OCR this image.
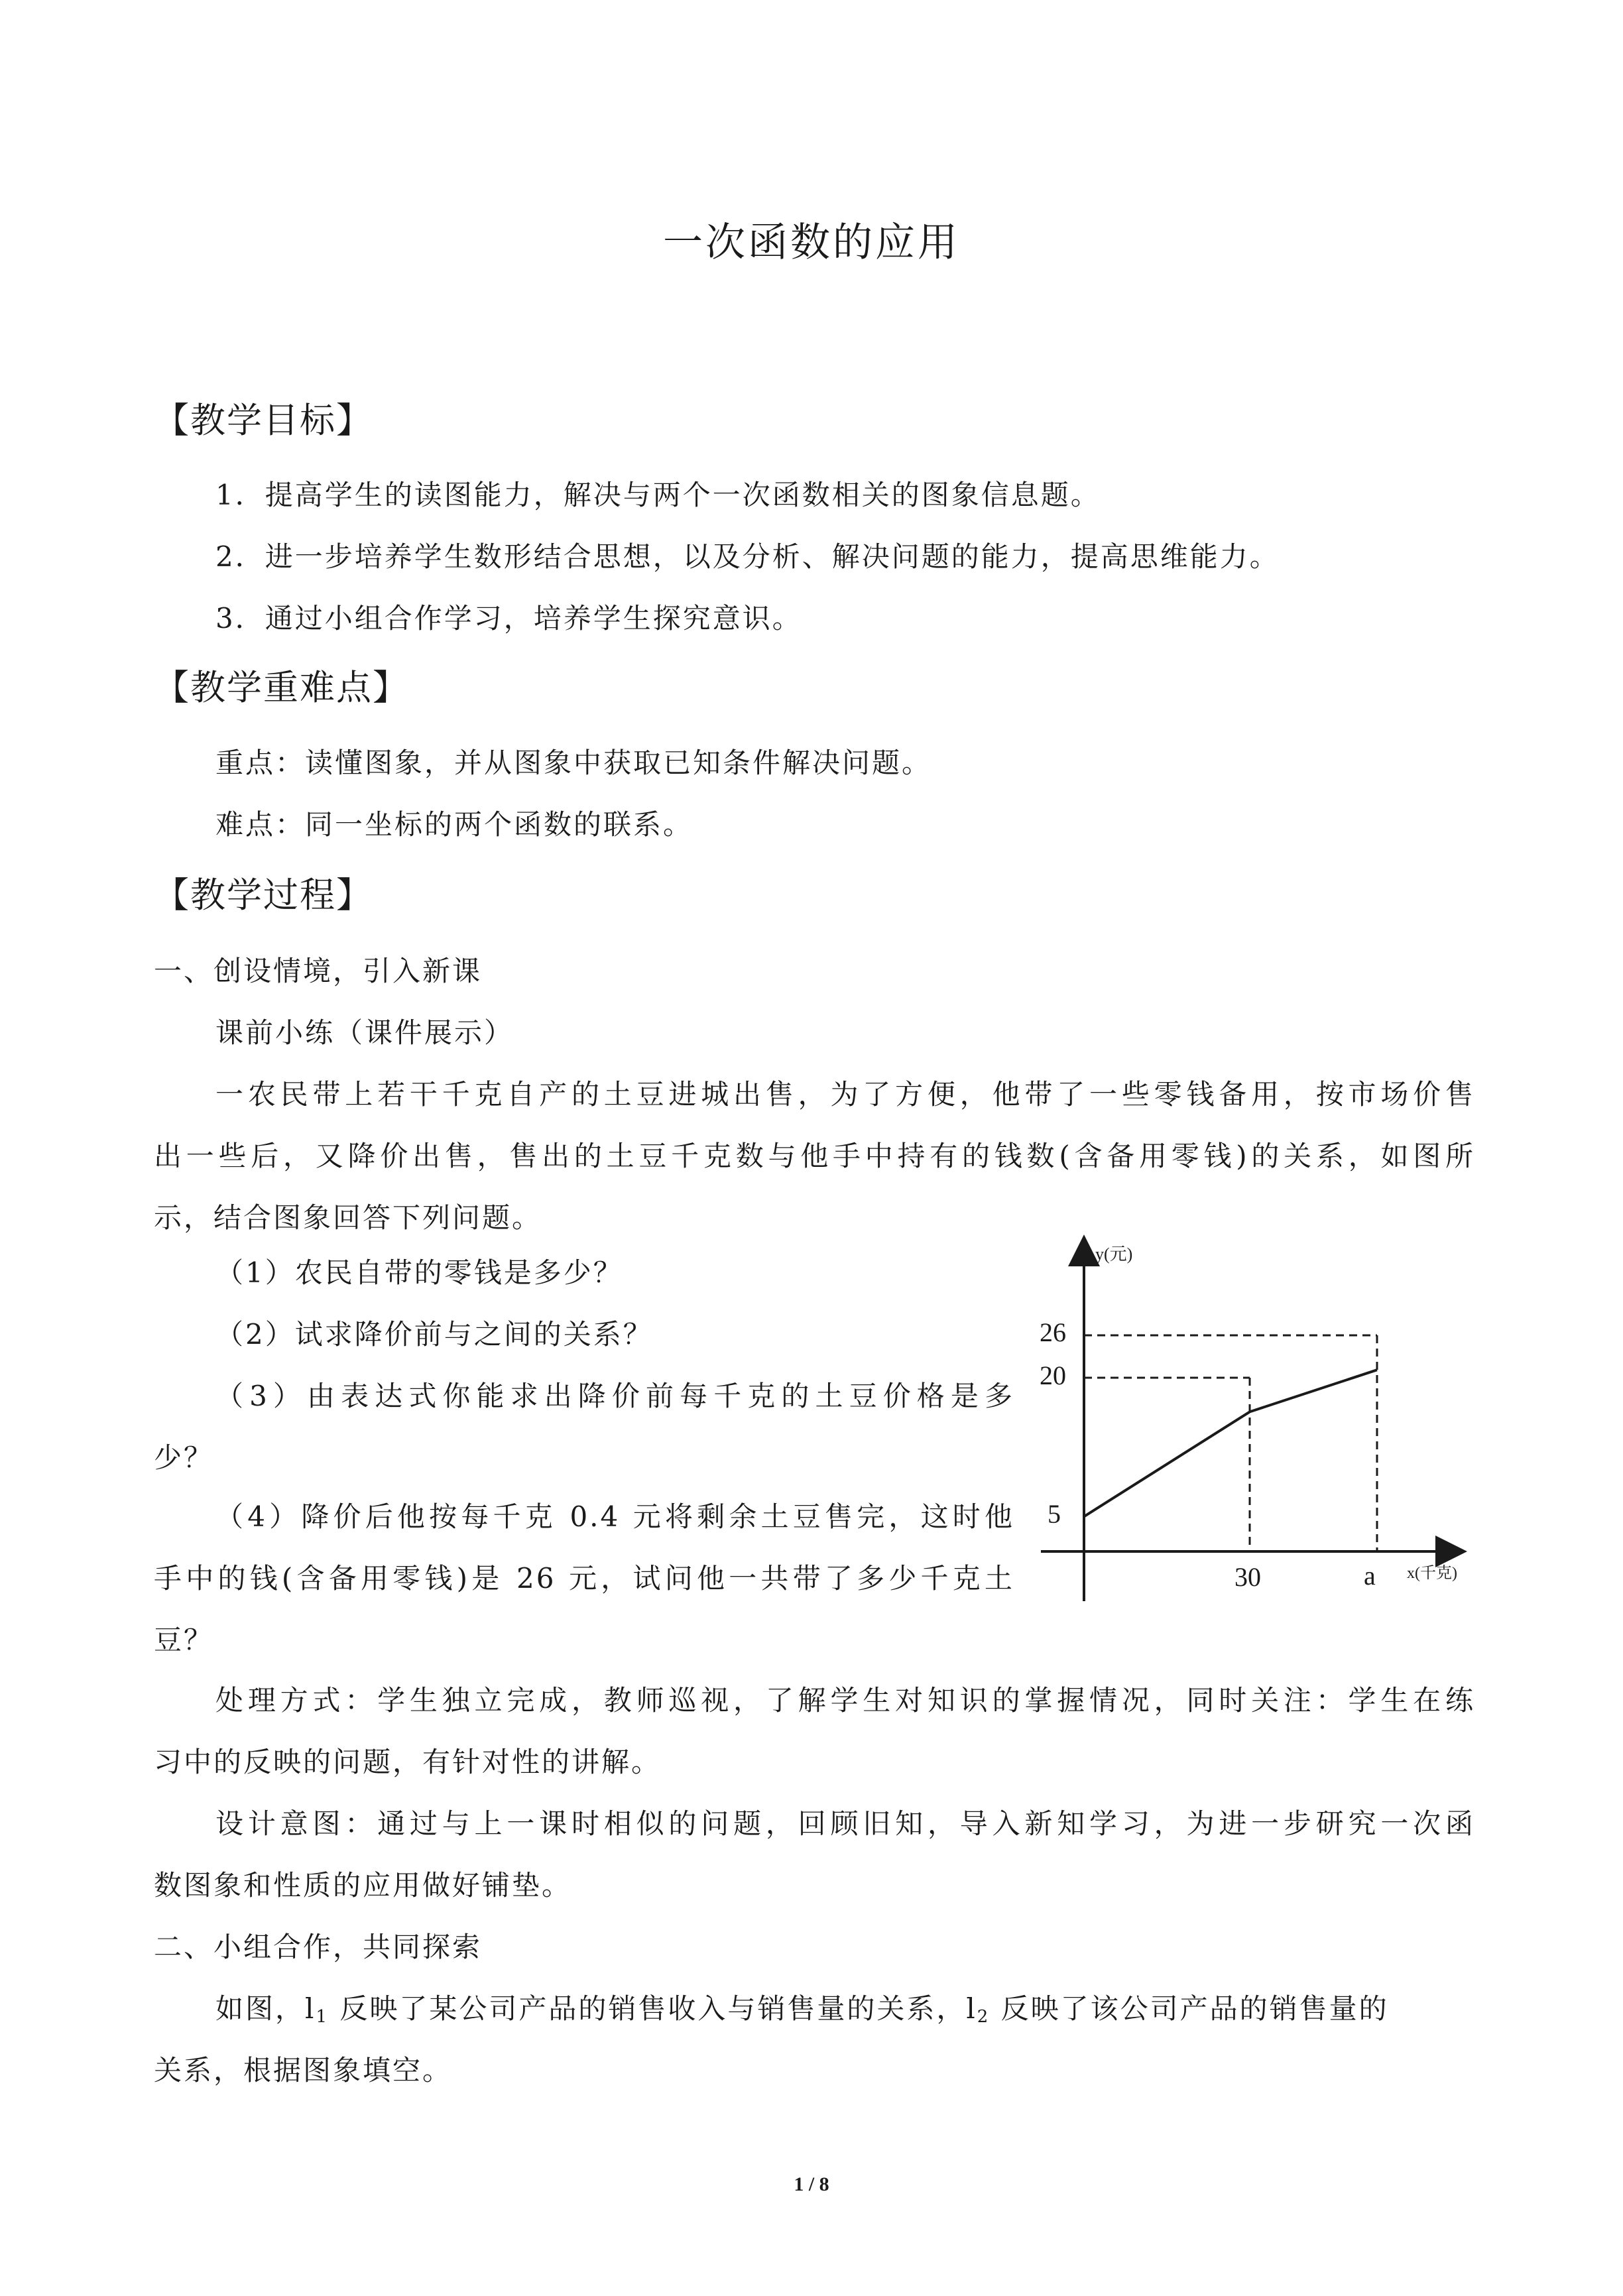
一次函数的应用
【教学目标】
1．提高学生的读图能力，解决与两个一次函数相关的图象信息题。
2．进一步培养学生数形结合思想，以及分析、解决问题的能力，提高思维能力。
3．通过小组合作学习，培养学生探究意识。
【教学重难点】
重点：读懂图象，并从图象中获取已知条件解决问题。
难点：同一坐标的两个函数的联系。
【教学过程】
一、创设情境，引入新课
课前小练（课件展示）
一农民带上若干千克自产的土豆进城出售，为了方便，他带了一些零钱备用，按市场价售
出一些后，又降价出售，售出的土豆千克数与他手中持有的钱数(含备用零钱)的关系，如图所
示，结合图象回答下列问题。
（1）农民自带的零钱是多少？
（2）试求降价前与之间的关系？
（3）由表达式你能求出降价前每千克的土豆价格是多
少？
（4）降价后他按每千克 0.4 元将剩余土豆售完，这时他
手中的钱(含备用零钱)是 26 元，试问他一共带了多少千克土
豆？
处理方式：学生独立完成，教师巡视，了解学生对知识的掌握情况，同时关注：学生在练
习中的反映的问题，有针对性的讲解。
设计意图：通过与上一课时相似的问题，回顾旧知，导入新知学习，为进一步研究一次函
数图象和性质的应用做好铺垫。
二、小组合作，共同探索
如图，$l_1$ 反映了某公司产品的销售收入与销售量的关系，$l_2$ 反映了该公司产品的销售量的
关系，根据图象填空。
y(元)
x(千克)
5
20
26
30	a
1 / 8
